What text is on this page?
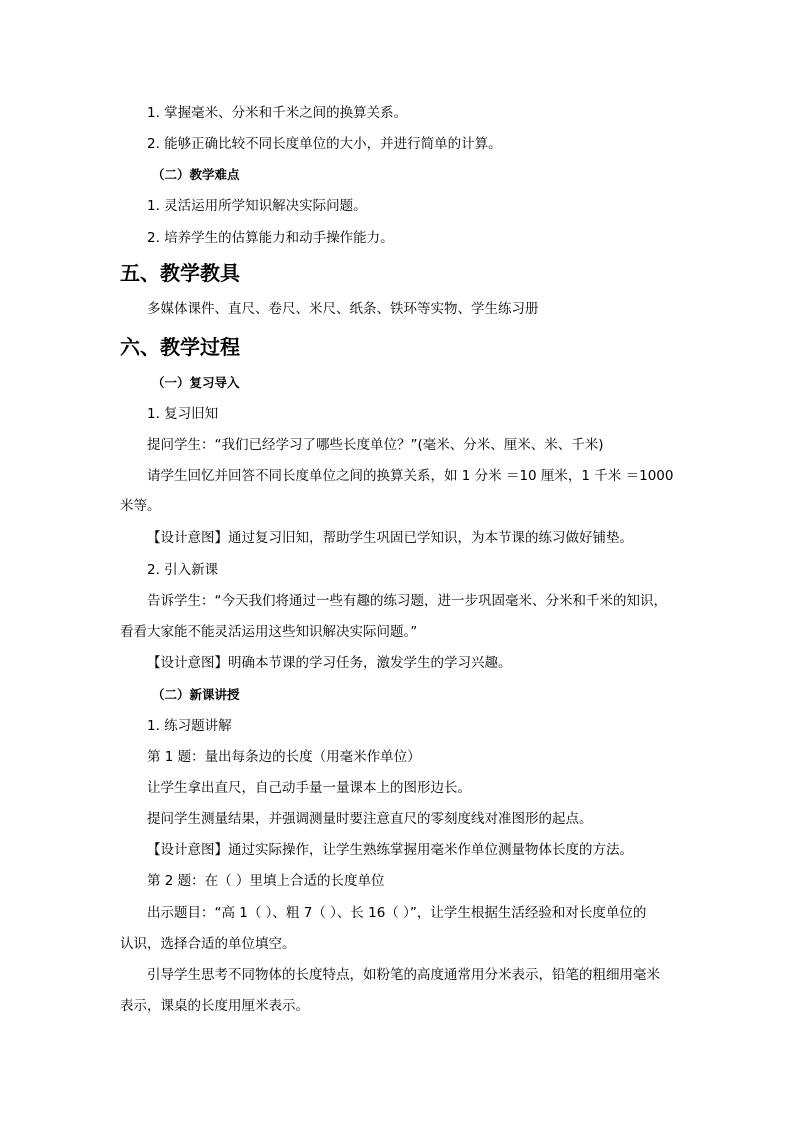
1. 掌握毫米、分米和千米之间的换算关系。
2. 能够正确比较不同长度单位的大小，并进行简单的计算。
（二）教学难点
1. 灵活运用所学知识解决实际问题。
2. 培养学生的估算能力和动手操作能力。
五、教学教具
多媒体课件、直尺、卷尺、米尺、纸条、铁环等实物、学生练习册
六、教学过程
（一）复习导入
1. 复习旧知
提问学生：“我们已经学习了哪些长度单位？”(毫米、分米、厘米、米、千米)
请学生回忆并回答不同长度单位之间的换算关系，如 1 分米 ＝10 厘米，1 千米 ＝1000
米等。
【设计意图】通过复习旧知，帮助学生巩固已学知识，为本节课的练习做好铺垫。
2. 引入新课
告诉学生：“今天我们将通过一些有趣的练习题，进一步巩固毫米、分米和千米的知识，
看看大家能不能灵活运用这些知识解决实际问题。”
【设计意图】明确本节课的学习任务，激发学生的学习兴趣。
（二）新课讲授
1. 练习题讲解
第 1 题：量出每条边的长度（用毫米作单位）
让学生拿出直尺，自己动手量一量课本上的图形边长。
提问学生测量结果，并强调测量时要注意直尺的零刻度线对准图形的起点。
【设计意图】通过实际操作，让学生熟练掌握用毫米作单位测量物体长度的方法。
第 2 题：在（ ）里填上合适的长度单位
出示题目：“高 1（ ）、粗 7（ ）、长 16（ ）”，让学生根据生活经验和对长度单位的
认识，选择合适的单位填空。
引导学生思考不同物体的长度特点，如粉笔的高度通常用分米表示，铅笔的粗细用毫米
表示，课桌的长度用厘米表示。
